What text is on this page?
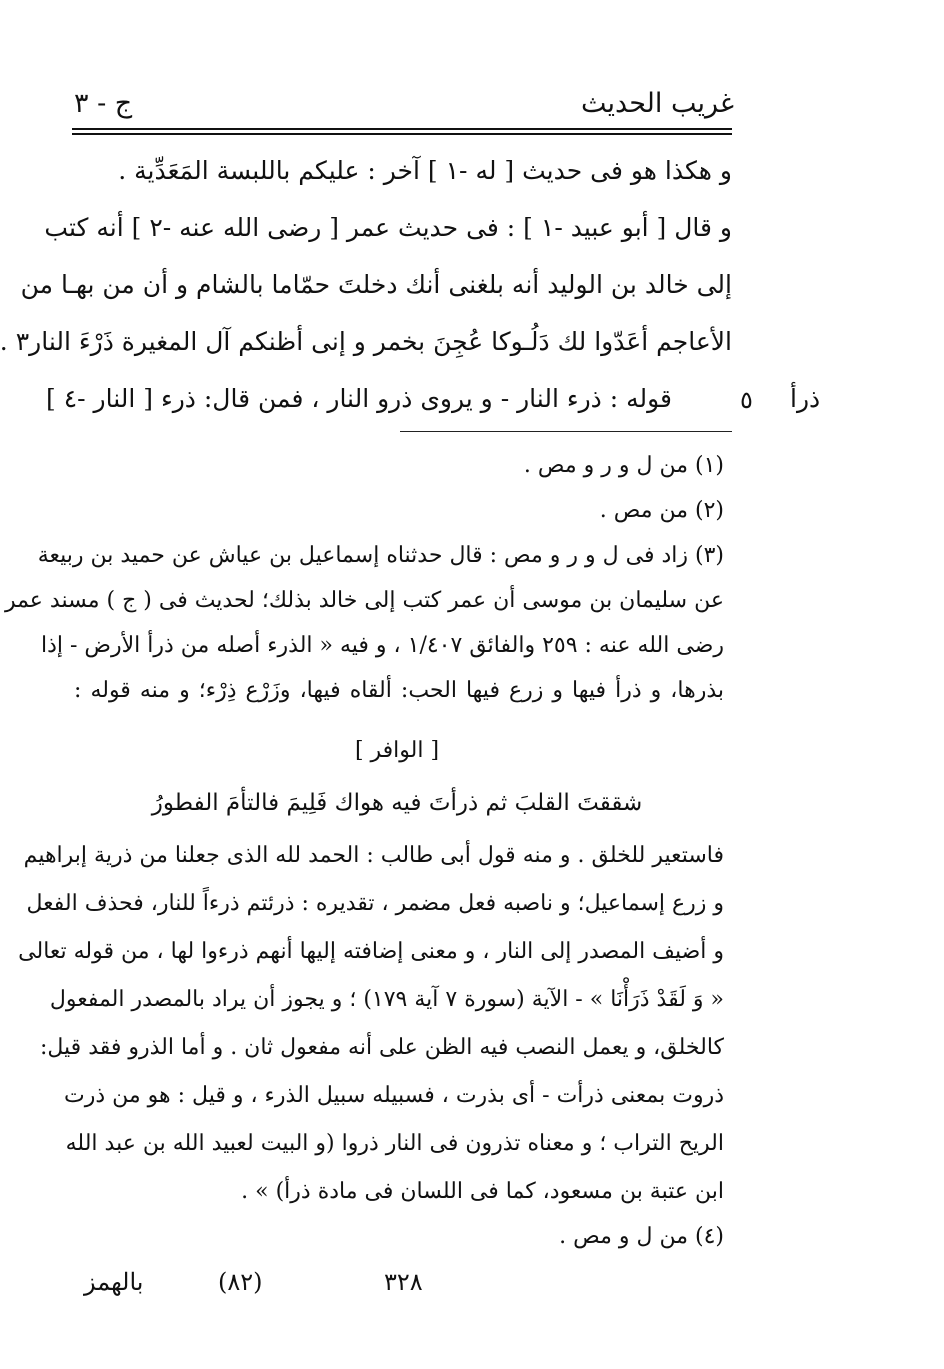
غريب الحديث
ج - ٣
و هكذا هو فى حديث [ له -١ ] آخر : عليكم باللبسة المَعَدِّية .
و قال [ أبو عبيد -١ ] : فى حديث عمر [ رضى الله عنه -٢ ] أنه كتب
إلى خالد بن الوليد أنه بلغنى أنك دخلتَ حمّاما بالشام و أن من بهـا من
الأعاجم أعَدّوا لك دَلُـوكا عُجِنَ بخمر و إنى أظنكم آل المغيرة ذَرْءَ النار٣ .
قوله : ذرء النار - و يروى ذرو النار ، فمن قال: ذرء [ النار -٤ ]	ذرأ
٥
(١) من ل و ر و مص .
(٢) من مص .
(٣) زاد فى ل و ر و مص : قال حدثناه إسماعيل بن عياش عن حميد بن ربيعة
عن سليمان بن موسى أن عمر كتب إلى خالد بذلك؛ لحديث فى ( ج ) مسند عمر
رضى الله عنه : ٢٥٩ والفائق ١/٤٠٧ ، و فيه « الذرء أصله من ذرأ الأرض - إذا
بذرها، و ذرأ فيها و زرع فيها الحب: ألقاه فيها، وزَرْع ذِرْء؛ و منه قوله :
[ الوافر ]
شققتَ القلبَ ثم ذرأتَ فيه هواك فَلِيمَ فالتأمَ الفطورُ
فاستعير للخلق . و منه قول أبى طالب : الحمد لله الذى جعلنا من ذرية إبراهيم
و زرع إسماعيل؛ و ناصبه فعل مضمر ، تقديره : ذرئتم ذرءاً للنار، فحذف الفعل
و أضيف المصدر إلى النار ، و معنى إضافته إليها أنهم ذرءوا لها ، من قوله تعالى
« وَ لَقَدْ ذَرَأْنَا » - الآية (سورة ٧ آية ١٧٩) ؛ و يجوز أن يراد بالمصدر المفعول
كالخلق، و يعمل النصب فيه الظن على أنه مفعول ثان . و أما الذرو فقد قيل:
ذروت بمعنى ذرأت - أى بذرت ، فسبيله سبيل الذرء ، و قيل : هو من ذرت
الريح التراب ؛ و معناه تذرون فى النار ذروا (و البيت لعبيد الله بن عبد الله
ابن عتبة بن مسعود، كما فى اللسان فى مادة ذرأ) » .
(٤) من ل و مص .
بالهمز	(٨٢)	٣٢٨
